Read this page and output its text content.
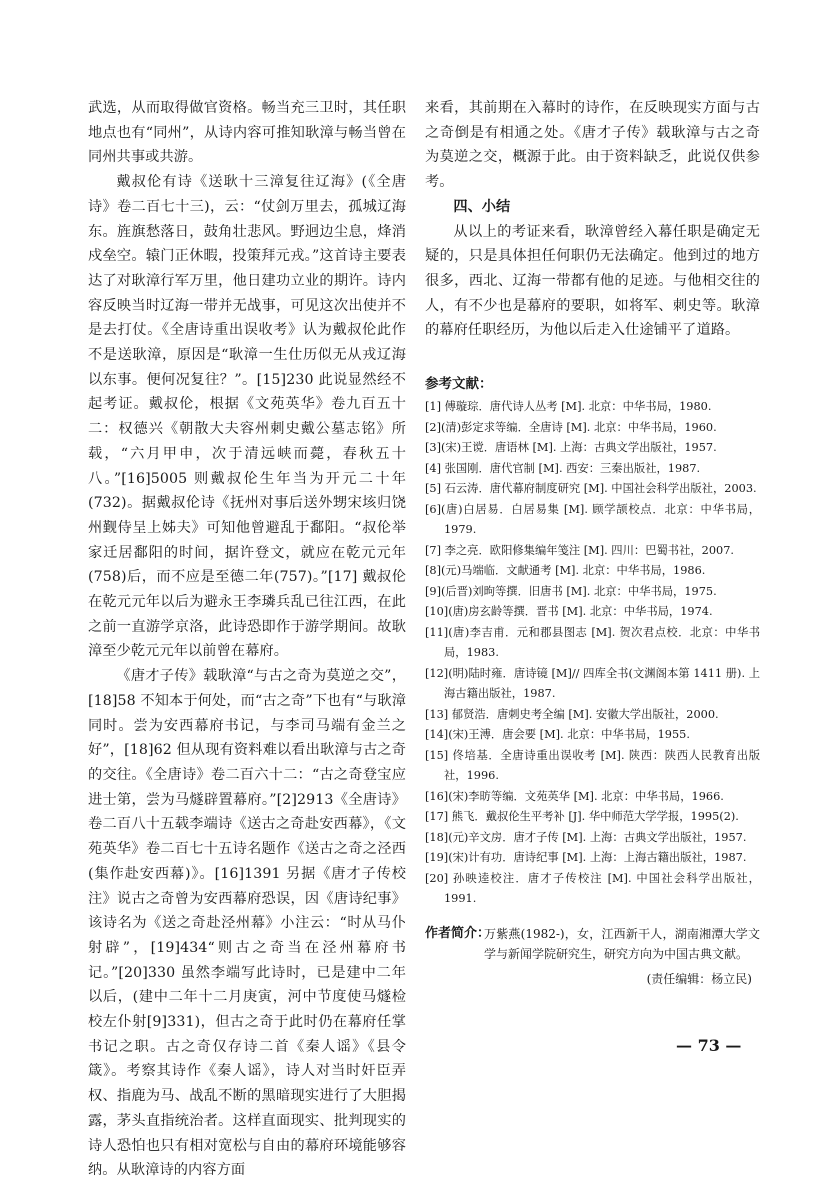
武选，从而取得做官资格。畅当充三卫时，其任职地点也有“同州”，从诗内容可推知耿漳与畅当曾在同州共事或共游。

戴叔伦有诗《送耿十三漳复往辽海》(《全唐诗》卷二百七十三)，云：“仗剑万里去，孤城辽海东。旌旗愁落日，鼓角壮悲风。野迥边尘息，烽消戍垒空。辕门正休暇，投策拜元戎。”这首诗主要表达了对耿漳行军万里，他日建功立业的期许。诗内容反映当时辽海一带并无战事，可见这次出使并不是去打仗。《全唐诗重出误收考》认为戴叔伦此作不是送耿漳，原因是“耿漳一生仕历似无从戎辽海以东事。便何况复往？”。[15]230 此说显然经不起考证。戴叔伦，根据《文苑英华》卷九百五十二：权德兴《朝散大夫容州刺史戴公墓志铭》所载，“六月甲申，次于清远峡而薨，春秋五十八。”[16]5005 则戴叔伦生年当为开元二十年(732)。据戴叔伦诗《抚州对事后送外甥宋垓归饶州觐侍呈上姊夫》可知他曾避乱于鄱阳。“叔伦举家迁居鄱阳的时间，据许登文，就应在乾元元年(758)后，而不应是至德二年(757)。”[17] 戴叔伦在乾元元年以后为避永王李璘兵乱已往江西，在此之前一直游学京洛，此诗恐即作于游学期间。故耿漳至少乾元元年以前曾在幕府。

《唐才子传》载耿漳“与古之奇为莫逆之交”，[18]58 不知本于何处，而“古之奇”下也有“与耿漳同时。尝为安西幕府书记，与李司马端有金兰之好”，[18]62 但从现有资料难以看出耿漳与古之奇的交往。《全唐诗》卷二百六十二：“古之奇登宝应进士第，尝为马燧辟置幕府。”[2]2913《全唐诗》卷二百八十五载李端诗《送古之奇赴安西幕》，《文苑英华》卷二百七十五诗名题作《送古之奇之泾西(集作赴安西幕)》。[16]1391 另据《唐才子传校注》说古之奇曾为安西幕府恐误，因《唐诗纪事》该诗名为《送之奇赴泾州幕》小注云：“时从马仆射辟”，[19]434“则古之奇当在泾州幕府书记。”[20]330 虽然李端写此诗时，已是建中二年以后，(建中二年十二月庚寅，河中节度使马燧检校左仆射[9]331)，但古之奇于此时仍在幕府任掌书记之职。古之奇仅存诗二首《秦人谣》《县令箴》。考察其诗作《秦人谣》，诗人对当时奸臣弄权、指鹿为马、战乱不断的黑暗现实进行了大胆揭露，茅头直指统治者。这样直面现实、批判现实的诗人恐怕也只有相对宽松与自由的幕府环境能够容纳。从耿漳诗的内容方面

来看，其前期在入幕时的诗作，在反映现实方面与古之奇倒是有相通之处。《唐才子传》载耿漳与古之奇为莫逆之交，概源于此。由于资料缺乏，此说仅供参考。

四、小结

从以上的考证来看，耿漳曾经入幕任职是确定无疑的，只是具体担任何职仍无法确定。他到过的地方很多，西北、辽海一带都有他的足迹。与他相交往的人，有不少也是幕府的要职，如将军、刺史等。耿漳的幕府任职经历，为他以后走入仕途铺平了道路。

参考文献：

[1] 傅璇琮．唐代诗人丛考 [M]. 北京：中华书局，1980.
[2](清)彭定求等编．全唐诗 [M]. 北京：中华书局，1960.
[3](宋)王谠．唐语林 [M]. 上海：古典文学出版社，1957.
[4] 张国刚．唐代官制 [M]. 西安：三秦出版社，1987.
[5] 石云涛．唐代幕府制度研究 [M]. 中国社会科学出版社，2003.
[6](唐)白居易．白居易集 [M]. 顾学颉校点．北京：中华书局，1979.
[7] 李之亮．欧阳修集编年笺注 [M]. 四川：巴蜀书社，2007.
[8](元)马端临．文献通考 [M]. 北京：中华书局，1986.
[9](后晋)刘昫等撰．旧唐书 [M]. 北京：中华书局，1975.
[10](唐)房玄龄等撰．晋书 [M]. 北京：中华书局，1974.
[11](唐)李吉甫．元和郡县图志 [M]. 贺次君点校．北京：中华书局，1983.
[12](明)陆时雍．唐诗镜 [M]// 四库全书(文渊阁本第 1411 册). 上海古籍出版社，1987.
[13] 郁贤浩．唐刺史考全编 [M]. 安徽大学出版社，2000.
[14](宋)王溥．唐会要 [M]. 北京：中华书局，1955.
[15] 佟培基．全唐诗重出误收考 [M]. 陕西：陕西人民教育出版社，1996.
[16](宋)李昉等编．文苑英华 [M]. 北京：中华书局，1966.
[17] 熊飞．戴叔伦生平考补 [J]. 华中师范大学学报，1995(2).
[18](元)辛文房．唐才子传 [M]. 上海：古典文学出版社，1957.
[19](宋)计有功．唐诗纪事 [M]. 上海：上海古籍出版社，1987.
[20] 孙映逵校注．唐才子传校注 [M]. 中国社会科学出版社，1991.
作者简介：

万紫燕(1982-)，女，江西新干人，湖南湘潭大学文学与新闻学院研究生，研究方向为中国古典文献。

(责任编辑：杨立民)

— 73 —
